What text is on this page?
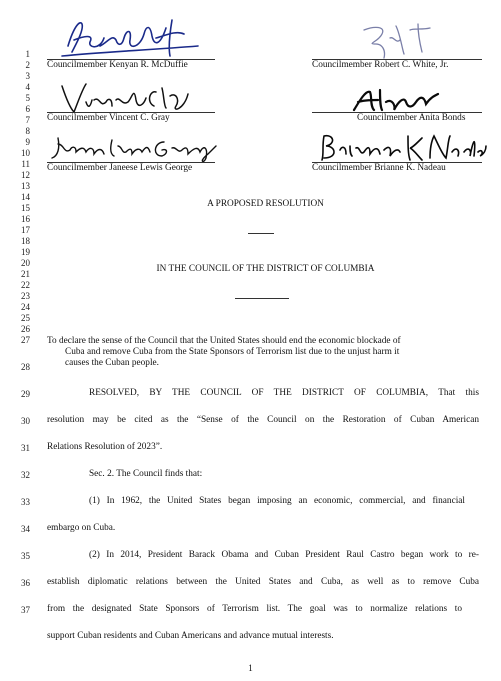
1
2
3
4
5
6
7
8
9
10
11
12
13
14
15
16
17
18
19
20
21
22
23
24
25
26
27
28
29
30
31
32
33
34
35
36
37
Councilmember Kenyan R. McDuffie
Councilmember Vincent C. Gray
Councilmember Janeese Lewis George
Councilmember Robert C. White, Jr.
Councilmember Anita Bonds
Councilmember Brianne K. Nadeau
A PROPOSED RESOLUTION
IN THE COUNCIL OF THE DISTRICT OF COLUMBIA
To declare the sense of the Council that the United States should end the economic blockade of
Cuba and remove Cuba from the State Sponsors of Terrorism list due to the unjust harm it
causes the Cuban people.
RESOLVED, BY THE COUNCIL OF THE DISTRICT OF COLUMBIA, That this
resolution may be cited as the “Sense of the Council on the Restoration of Cuban American
Relations Resolution of 2023”.
Sec. 2. The Council finds that:
(1) In 1962, the United States began imposing an economic, commercial, and financial
embargo on Cuba.
(2) In 2014, President Barack Obama and Cuban President Raul Castro began work to re-
establish diplomatic relations between the United States and Cuba, as well as to remove Cuba
from the designated State Sponsors of Terrorism list. The goal was to normalize relations to
support Cuban residents and Cuban Americans and advance mutual interests.
1
